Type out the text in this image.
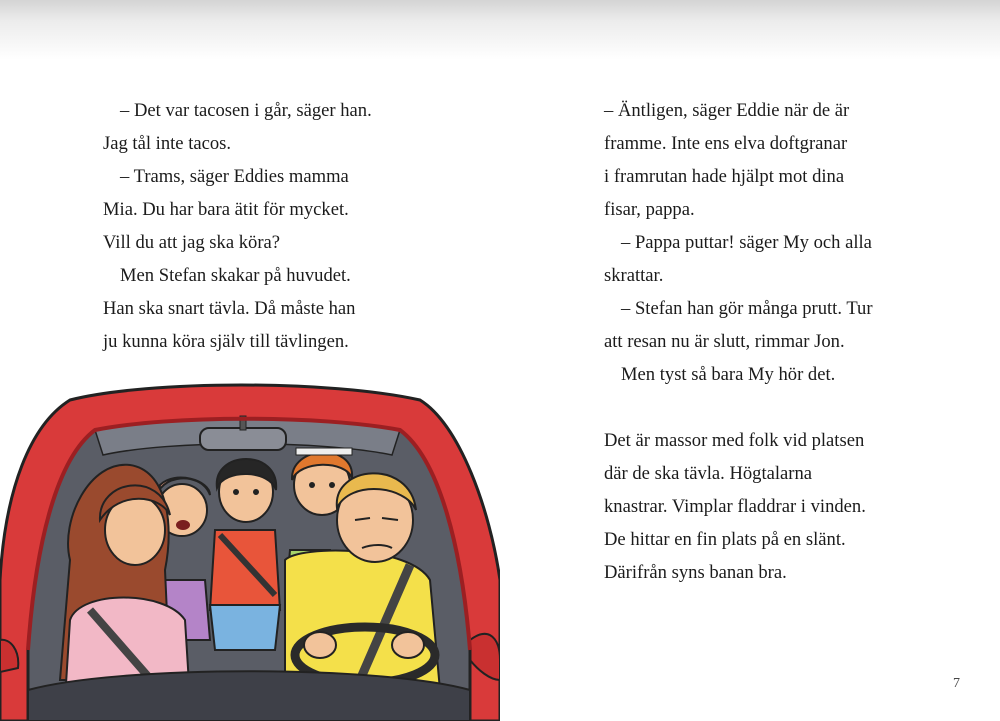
– Det var tacosen i går, säger han.
Jag tål inte tacos.
– Trams, säger Eddies mamma
Mia. Du har bara ätit för mycket.
Vill du att jag ska köra?
Men Stefan skakar på huvudet.
Han ska snart tävla. Då måste han
ju kunna köra själv till tävlingen.
– Äntligen, säger Eddie när de är
framme. Inte ens elva doftgranar
i framrutan hade hjälpt mot dina
fisar, pappa.
– Pappa puttar! säger My och alla
skrattar.
– Stefan han gör många prutt. Tur
att resan nu är slutt, rimmar Jon.
Men tyst så bara My hör det.
Det är massor med folk vid platsen
där de ska tävla. Högtalarna
knastrar. Vimplar fladdrar i vinden.
De hittar en fin plats på en slänt.
Därifrån syns banan bra.
7
